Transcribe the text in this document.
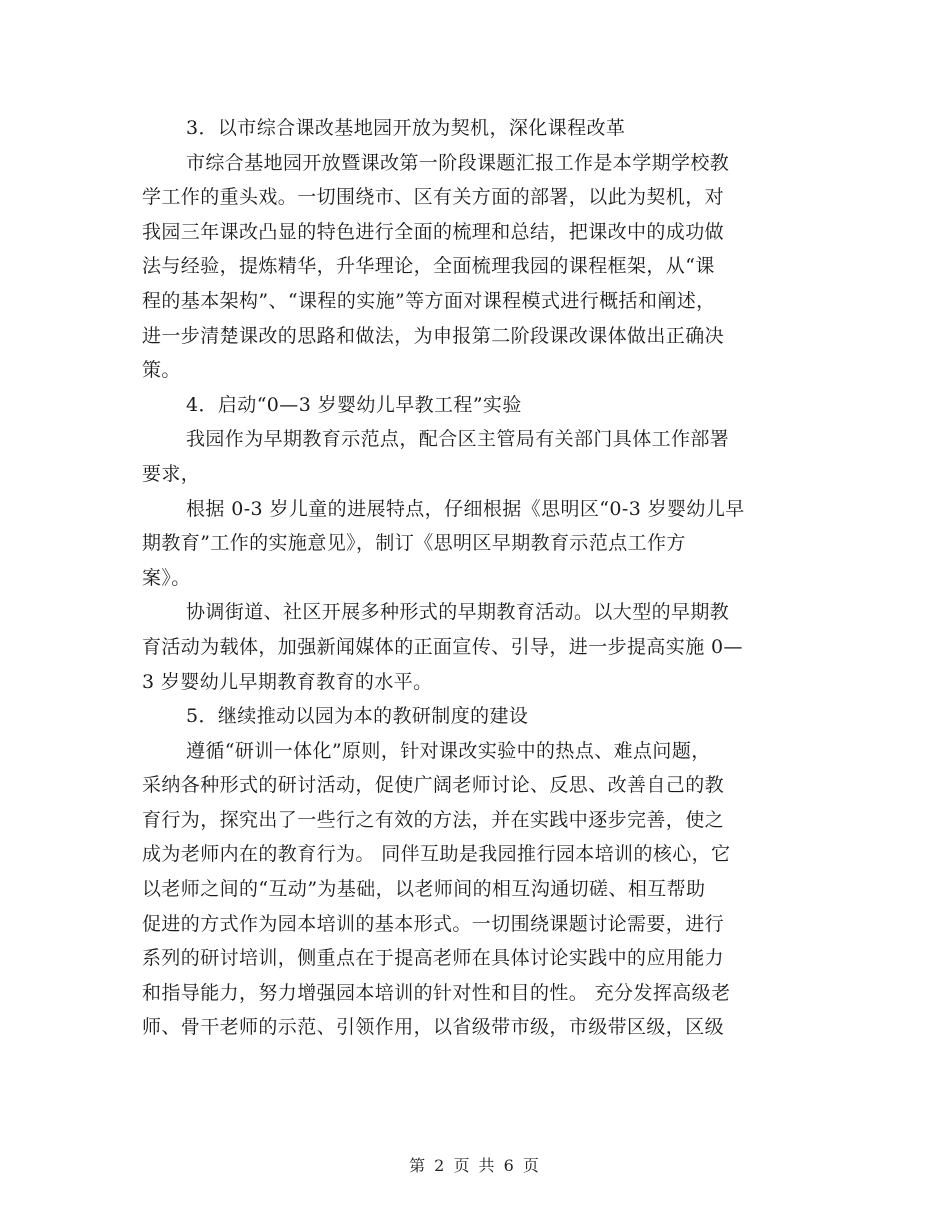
3．以市综合课改基地园开放为契机，深化课程改革
市综合基地园开放暨课改第一阶段课题汇报工作是本学期学校教
学工作的重头戏。一切围绕市、区有关方面的部署，以此为契机，对
我园三年课改凸显的特色进行全面的梳理和总结，把课改中的成功做
法与经验，提炼精华，升华理论，全面梳理我园的课程框架，从“课
程的基本架构”、“课程的实施”等方面对课程模式进行概括和阐述，
进一步清楚课改的思路和做法，为申报第二阶段课改课体做出正确决
策。
4．启动“0—3 岁婴幼儿早教工程”实验
我园作为早期教育示范点，配合区主管局有关部门具体工作部署
要求，
根据 0-3 岁儿童的进展特点，仔细根据《思明区“0-3 岁婴幼儿早
期教育”工作的实施意见》，制订《思明区早期教育示范点工作方
案》。
协调街道、社区开展多种形式的早期教育活动。以大型的早期教
育活动为载体，加强新闻媒体的正面宣传、引导，进一步提高实施 0—
3 岁婴幼儿早期教育教育的水平。
5．继续推动以园为本的教研制度的建设
遵循“研训一体化”原则，针对课改实验中的热点、难点问题，
采纳各种形式的研讨活动，促使广阔老师讨论、反思、改善自己的教
育行为，探究出了一些行之有效的方法，并在实践中逐步完善，使之
成为老师内在的教育行为。 同伴互助是我园推行园本培训的核心，它
以老师之间的“互动”为基础，以老师间的相互沟通切磋、相互帮助
促进的方式作为园本培训的基本形式。一切围绕课题讨论需要，进行
系列的研讨培训，侧重点在于提高老师在具体讨论实践中的应用能力
和指导能力，努力增强园本培训的针对性和目的性。 充分发挥高级老
师、骨干老师的示范、引领作用，以省级带市级，市级带区级，区级
第 2 页 共 6 页
